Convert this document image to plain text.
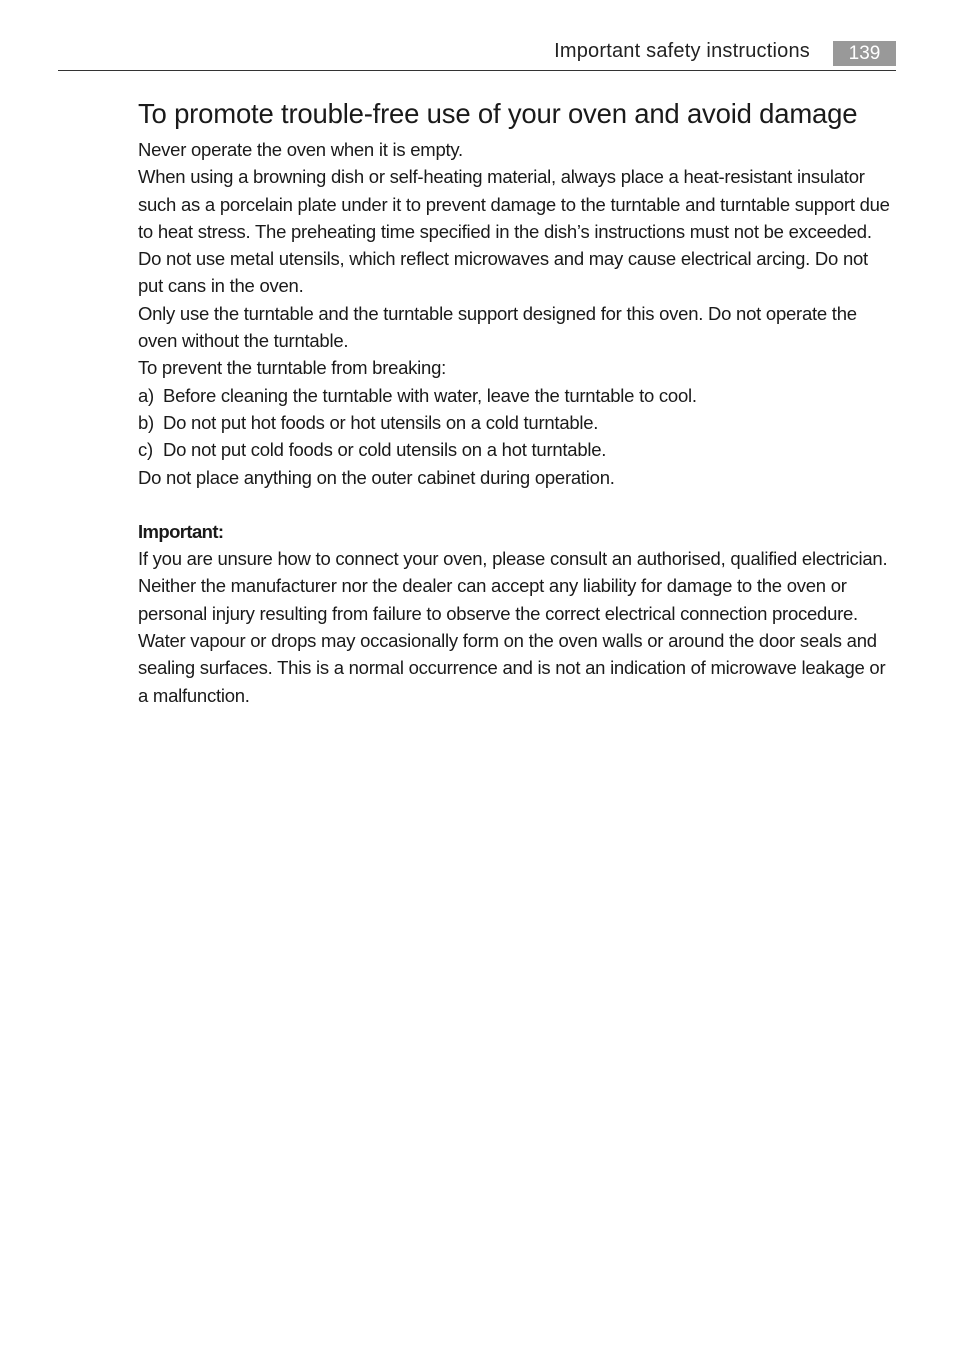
Important safety instructions	139
To promote trouble-free use of your oven and avoid damage

Never operate the oven when it is empty.

When using a browning dish or self-heating material, always place a heat-resistant insulator such as a porcelain plate under it to prevent damage to the turntable and turntable support due to heat stress. The preheating time specified in the dish’s instructions must not be exceeded.

Do not use metal utensils, which reflect microwaves and may cause electrical arcing. Do not put cans in the oven.

Only use the turntable and the turntable support designed for this oven. Do not operate the oven without the turntable.

To prevent the turntable from breaking:

a) Before cleaning the turntable with water, leave the turntable to cool.
b) Do not put hot foods or hot utensils on a cold turntable.
c) Do not put cold foods or cold utensils on a hot turntable.

Do not place anything on the outer cabinet during operation.

Important:

If you are unsure how to connect your oven, please consult an authorised, qualified electrician.

Neither the manufacturer nor the dealer can accept any liability for damage to the oven or personal injury resulting from failure to observe the correct electrical connection procedure.

Water vapour or drops may occasionally form on the oven walls or around the door seals and sealing surfaces. This is a normal occurrence and is not an indication of microwave leakage or a malfunction.
